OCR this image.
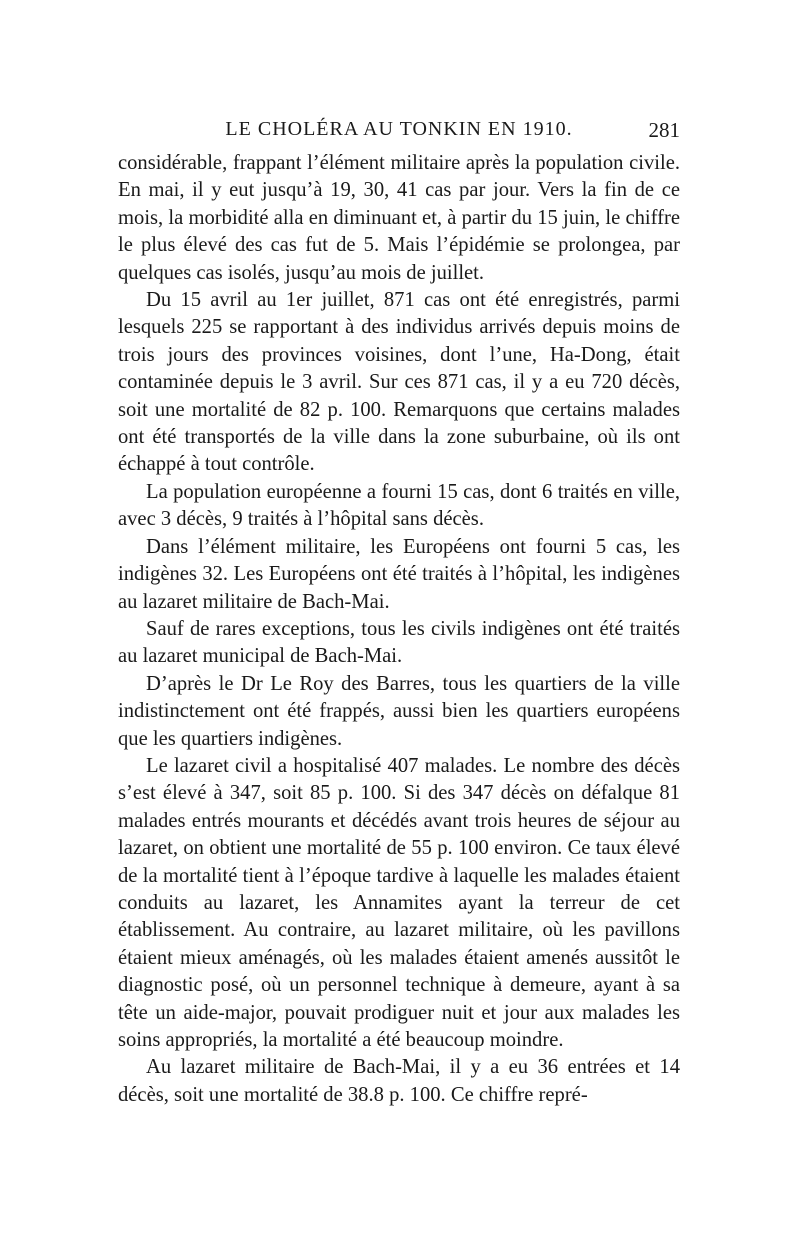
LE CHOLÉRA AU TONKIN EN 1910.	281

considérable, frappant l’élément militaire après la population civile. En mai, il y eut jusqu’à 19, 30, 41 cas par jour. Vers la fin de ce mois, la morbidité alla en diminuant et, à partir du 15 juin, le chiffre le plus élevé des cas fut de 5. Mais l’épidémie se prolongea, par quelques cas isolés, jusqu’au mois de juillet.

Du 15 avril au 1er juillet, 871 cas ont été enregistrés, parmi lesquels 225 se rapportant à des individus arrivés depuis moins de trois jours des provinces voisines, dont l’une, Ha-Dong, était contaminée depuis le 3 avril. Sur ces 871 cas, il y a eu 720 décès, soit une mortalité de 82 p. 100. Remarquons que certains malades ont été transportés de la ville dans la zone suburbaine, où ils ont échappé à tout contrôle.

La population européenne a fourni 15 cas, dont 6 traités en ville, avec 3 décès, 9 traités à l’hôpital sans décès.

Dans l’élément militaire, les Européens ont fourni 5 cas, les indigènes 32. Les Européens ont été traités à l’hôpital, les indigènes au lazaret militaire de Bach-Mai.

Sauf de rares exceptions, tous les civils indigènes ont été traités au lazaret municipal de Bach-Mai.

D’après le Dr Le Roy des Barres, tous les quartiers de la ville indistinctement ont été frappés, aussi bien les quartiers européens que les quartiers indigènes.

Le lazaret civil a hospitalisé 407 malades. Le nombre des décès s’est élevé à 347, soit 85 p. 100. Si des 347 décès on défalque 81 malades entrés mourants et décédés avant trois heures de séjour au lazaret, on obtient une mortalité de 55 p. 100 environ. Ce taux élevé de la mortalité tient à l’époque tardive à laquelle les malades étaient conduits au lazaret, les Annamites ayant la terreur de cet établissement. Au contraire, au lazaret militaire, où les pavillons étaient mieux aménagés, où les malades étaient amenés aussitôt le diagnostic posé, où un personnel technique à demeure, ayant à sa tête un aide-major, pouvait prodiguer nuit et jour aux malades les soins appropriés, la mortalité a été beaucoup moindre.

Au lazaret militaire de Bach-Mai, il y a eu 36 entrées et 14 décès, soit une mortalité de 38.8 p. 100. Ce chiffre repré-
